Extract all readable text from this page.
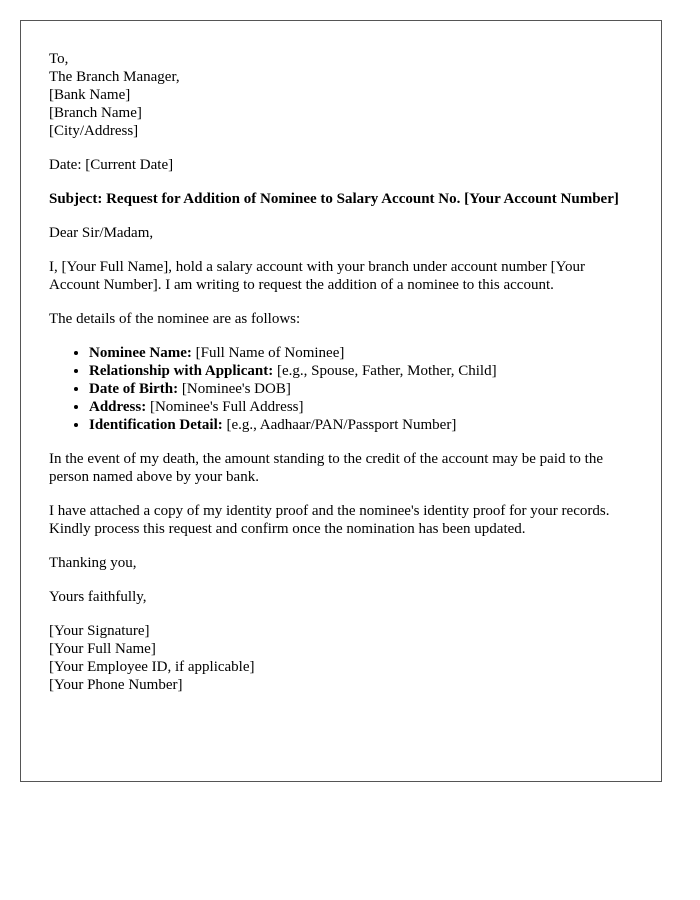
To,
The Branch Manager,
[Bank Name]
[Branch Name]
[City/Address]
Date: [Current Date]
Subject: Request for Addition of Nominee to Salary Account No. [Your Account Number]
Dear Sir/Madam,
I, [Your Full Name], hold a salary account with your branch under account number [Your Account Number]. I am writing to request the addition of a nominee to this account.
The details of the nominee are as follows:
• Nominee Name: [Full Name of Nominee]
• Relationship with Applicant: [e.g., Spouse, Father, Mother, Child]
• Date of Birth: [Nominee's DOB]
• Address: [Nominee's Full Address]
• Identification Detail: [e.g., Aadhaar/PAN/Passport Number]
In the event of my death, the amount standing to the credit of the account may be paid to the person named above by your bank.
I have attached a copy of my identity proof and the nominee's identity proof for your records. Kindly process this request and confirm once the nomination has been updated.
Thanking you,
Yours faithfully,
[Your Signature]
[Your Full Name]
[Your Employee ID, if applicable]
[Your Phone Number]
